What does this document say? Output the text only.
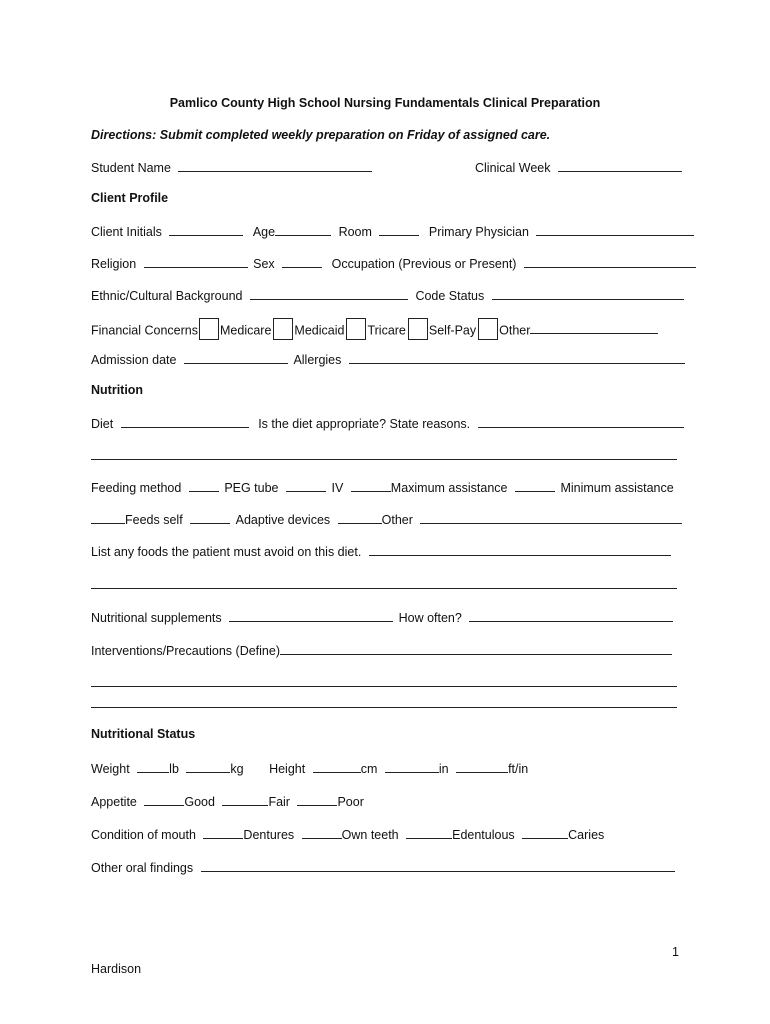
Pamlico County High School Nursing Fundamentals Clinical Preparation
Directions: Submit completed weekly preparation on Friday of assigned care.
Student Name	Clinical Week
Client Profile
Client Initials	Age	Room	Primary Physician
Religion	Sex	Occupation (Previous or Present)
Ethnic/Cultural Background	Code Status
Financial Concerns Medicare Medicaid Tricare Self-Pay Other
Admission date	Allergies
Nutrition
Diet	Is the diet appropriate? State reasons.
Feeding method	PEG tube	IV	Maximum assistance	Minimum assistance
Feeds self	Adaptive devices	Other
List any foods the patient must avoid on this diet.
Nutritional supplements	How often?
Interventions/Precautions (Define)
Nutritional Status
Weight	lb	kg Height	cm	in	ft/in
Appetite	Good	Fair	Poor
Condition of mouth	Dentures	Own teeth	Edentulous	Caries
Other oral findings
1
Hardison
